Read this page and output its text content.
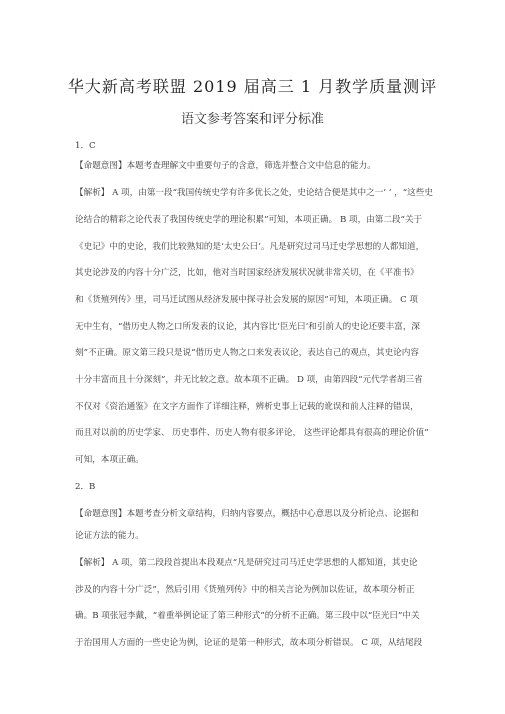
华大新高考联盟 2019 届高三 1 月教学质量测评
语文参考答案和评分标准
1．C
【命题意图】本题考查理解文中重要句子的含意，筛选并整合文中信息的能力。
【解析】 A 项，由第一段“我国传统史学有许多优长之处，史论结合便是其中之一’ ’ ，“这些史
论结合的精彩之论代表了我国传统史学的理论积累”可知，本项正确。 B 项，由第二段“关于
《史记》中的史论，我们比较熟知的是‘太史公曰’。凡是研究过司马迁史学思想的人都知道，
其史论涉及的内容十分广泛，比如，他对当时国家经济发展状况就非常关切，在《平准书》
和《货殖列传》里，司马迁试图从经济发展中探寻社会发展的原因”可知，本项正确。 C 项
无中生有，“借历史人物之口所发表的议论，其内容比‘臣光曰’和引前人的史论还要丰富，深
刻”不正确。原文第三段只是说“借历史人物之口来发表议论，表达自己的观点，其史论内容
十分丰富而且十分深刻”，并无比较之意。故本项不正确。 D 项，由第四段“元代学者胡三省
不仅对《资治通鉴》在文字方面作了详细注释，辨析史事上记载的讹误和前人注释的错误，
而且对以前的历史学家、 历史事件、历史人物有很多评论， 这些评论都具有很高的理论价值”
可知，本项正确。
2．B
【命题意图】本题考查分析文章结构，归纳内容要点，概括中心意思以及分析论点、论据和
论证方法的能力。
【解析】 A 项，第二段段首提出本段观点“凡是研究过司马迁史学思想的人都知道，其史论
涉及的内容十分广泛”，然后引用《货殖列传》中的相关言论为例加以佐证，故本项分析正
确。B 项张冠李戴，“着重举例论证了第三种形式”的分析不正确。第三段中以“臣光曰”中关
于治国用人方面的一些史论为例，论证的是第一种形式，故本项分析错误。 C 项，从结尾段
